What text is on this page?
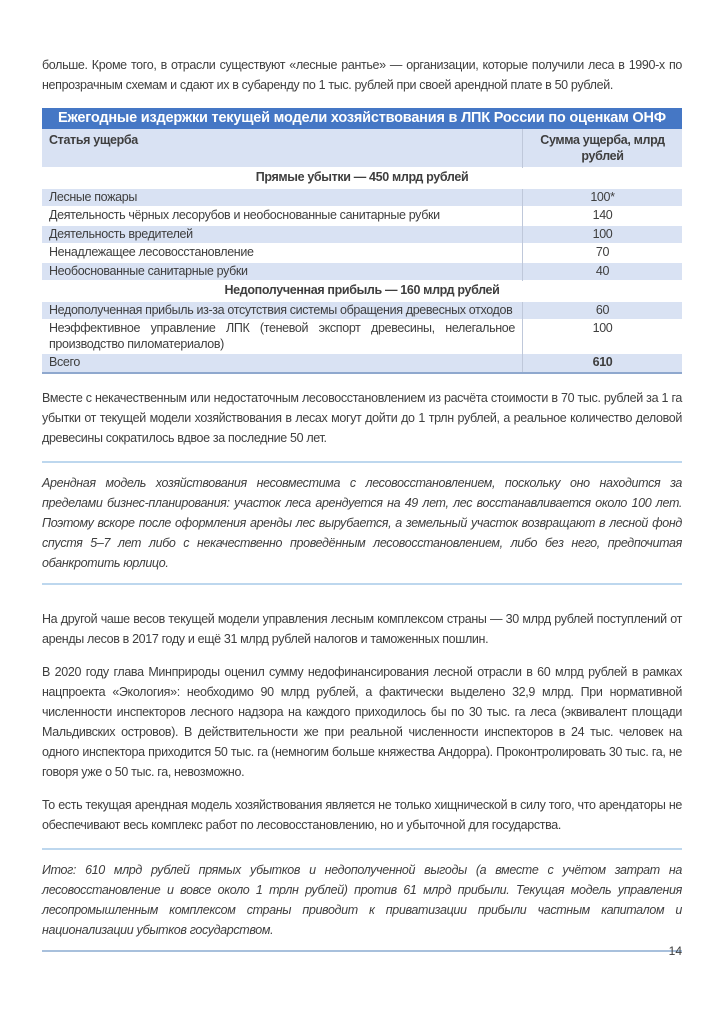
больше. Кроме того, в отрасли существуют «лесные рантье» — организации, которые получили леса в 1990-х по непрозрачным схемам и сдают их в субаренду по 1 тыс. рублей при своей арендной плате в 50 рублей.

Ежегодные издержки текущей модели хозяйствования в ЛПК России по оценкам ОНФ	
Статья ущерба	Сумма ущерба, млрд рублей
Прямые убытки — 450 млрд рублей	
Лесные пожары	100*
Деятельность чёрных лесорубов и необоснованные санитарные рубки	140
Деятельность вредителей	100
Ненадлежащее лесовосстановление	70
Необоснованные санитарные рубки	40
Недополученная прибыль — 160 млрд рублей	
Недополученная прибыль из-за отсутствия системы обращения древесных отходов	60
Неэффективное управление ЛПК (теневой экспорт древесины, нелегальное производство пиломатериалов)	100
Всего	610

Вместе с некачественным или недостаточным лесовосстановлением из расчёта стоимости в 70 тыс. рублей за 1 га убытки от текущей модели хозяйствования в лесах могут дойти до 1 трлн рублей, а реальное количество деловой древесины сократилось вдвое за последние 50 лет.

Арендная модель хозяйствования несовместима с лесовосстановлением, поскольку оно находится за пределами бизнес-планирования: участок леса арендуется на 49 лет, лес восстанавливается около 100 лет. Поэтому вскоре после оформления аренды лес вырубается, а земельный участок возвращают в лесной фонд спустя 5–7 лет либо с некачественно проведённым лесовосстановлением, либо без него, предпочитая обанкротить юрлицо.

На другой чаше весов текущей модели управления лесным комплексом страны — 30 млрд рублей поступлений от аренды лесов в 2017 году и ещё 31 млрд рублей налогов и таможенных пошлин.

В 2020 году глава Минприроды оценил сумму недофинансирования лесной отрасли в 60 млрд рублей в рамках нацпроекта «Экология»: необходимо 90 млрд рублей, а фактически выделено 32,9 млрд. При нормативной численности инспекторов лесного надзора на каждого приходилось бы по 30 тыс. га леса (эквивалент площади Мальдивских островов). В действительности же при реальной численности инспекторов в 24 тыс. человек на одного инспектора приходится 50 тыс. га (немногим больше княжества Андорра). Проконтролировать 30 тыс. га, не говоря уже о 50 тыс. га, невозможно.

То есть текущая арендная модель хозяйствования является не только хищнической в силу того, что арендаторы не обеспечивают весь комплекс работ по лесовосстановлению, но и убыточной для государства.

Итог: 610 млрд рублей прямых убытков и недополученной выгоды (а вместе с учётом затрат на лесовосстановление и вовсе около 1 трлн рублей) против 61 млрд прибыли. Текущая модель управления лесопромышленным комплексом страны приводит к приватизации прибыли частным капиталом и национализации убытков государством.
14
